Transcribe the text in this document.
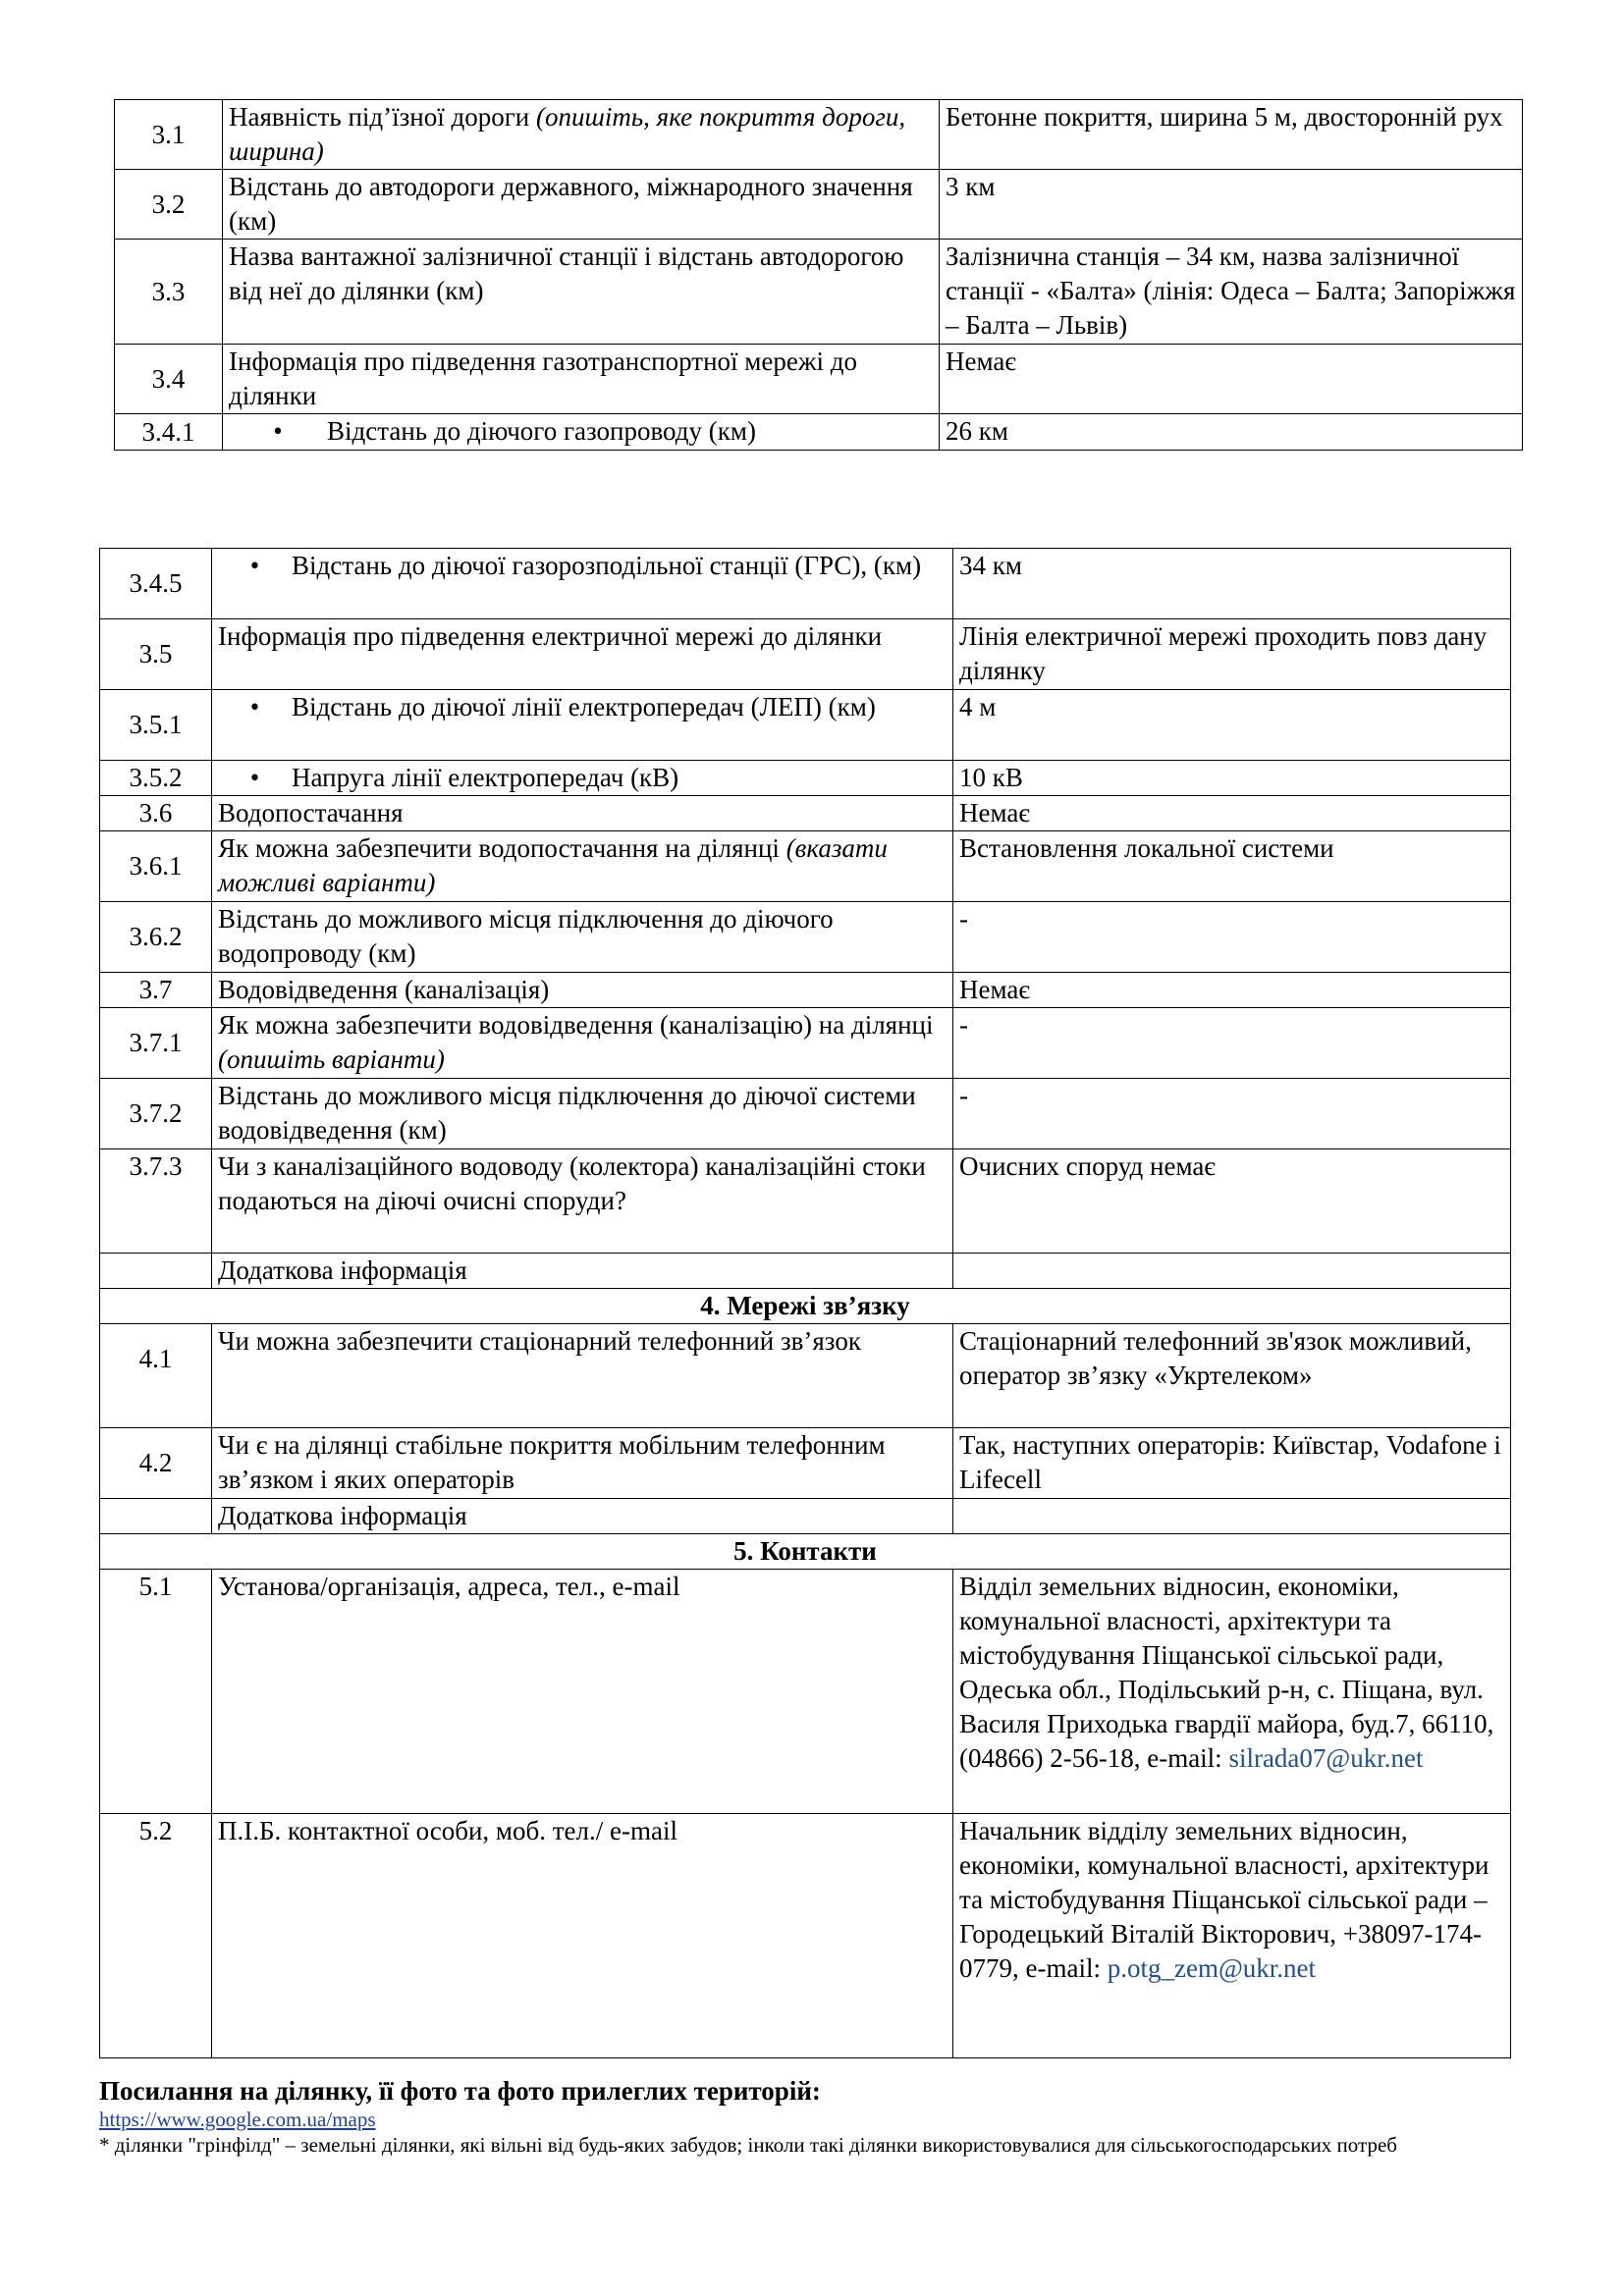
3.1	Наявність під’їзної дороги (опишіть, яке покриття дороги, ширина)	Бетонне покриття, ширина 5 м, двосторонній рух
3.2	Відстань до автодороги державного, міжнародного значення (км)	3 км
3.3	Назва вантажної залізничної станції і відстань автодорогою від неї до ділянки (км)	Залізнична станція – 34 км, назва залізничної станції - «Балта» (лінія: Одеса – Балта; Запоріжжя – Балта – Львів)
3.4	Інформація про підведення газотранспортної мережі до ділянки	Немає
3.4.1	• Відстань до діючого газопроводу (км)	26 км
3.4.5	• Відстань до діючої газорозподільної станції (ГРС), (км)	34 км
3.5	Інформація про підведення електричної мережі до ділянки	Лінія електричної мережі проходить повз дану ділянку
3.5.1	• Відстань до діючої лінії електропередач (ЛЕП) (км)	4 м
3.5.2	• Напруга лінії електропередач (кВ)	10 кВ
3.6	Водопостачання	Немає
3.6.1	Як можна забезпечити водопостачання на ділянці (вказати можливі варіанти)	Встановлення локальної системи
3.6.2	Відстань до можливого місця підключення до діючого водопроводу (км)	-
3.7	Водовідведення (каналізація)	Немає
3.7.1	Як можна забезпечити водовідведення (каналізацію) на ділянці (опишіть варіанти)	-
3.7.2	Відстань до можливого місця підключення до діючої системи водовідведення (км)	-
3.7.3	Чи з каналізаційного водоводу (колектора) каналізаційні стоки подаються на діючі очисні споруди?	Очисних споруд немає
	Додаткова інформація	
4. Мережі зв’язку		
4.1	Чи можна забезпечити стаціонарний телефонний зв’язок	Стаціонарний телефонний зв'язок можливий, оператор зв’язку «Укртелеком»
4.2	Чи є на ділянці стабільне покриття мобільним телефонним зв’язком і яких операторів	Так, наступних операторів: Київстар, Vodafone і Lifecell
	Додаткова інформація	
5. Контакти		
5.1	Установа/організація, адреса, тел., e-mail	Відділ земельних відносин, економіки, комунальної власності, архітектури та містобудування Піщанської сільської ради, Одеська обл., Подільський р-н, с. Піщана, вул. Василя Приходька гвардії майора, буд.7, 66110, (04866) 2-56-18, e-mail: silrada07@ukr.net
5.2	П.І.Б. контактної особи, моб. тел./ e-mail	Начальник відділу земельних відносин, економіки, комунальної власності, архітектури та містобудування Піщанської сільської ради – Городецький Віталій Вікторович, +38097-174-0779, e-mail: p.otg_zem@ukr.net
Посилання на ділянку, її фото та фото прилеглих територій:
https://www.google.com.ua/maps
* ділянки "грінфілд" – земельні ділянки, які вільні від будь-яких забудов; інколи такі ділянки використовувалися для сільськогосподарських потреб
